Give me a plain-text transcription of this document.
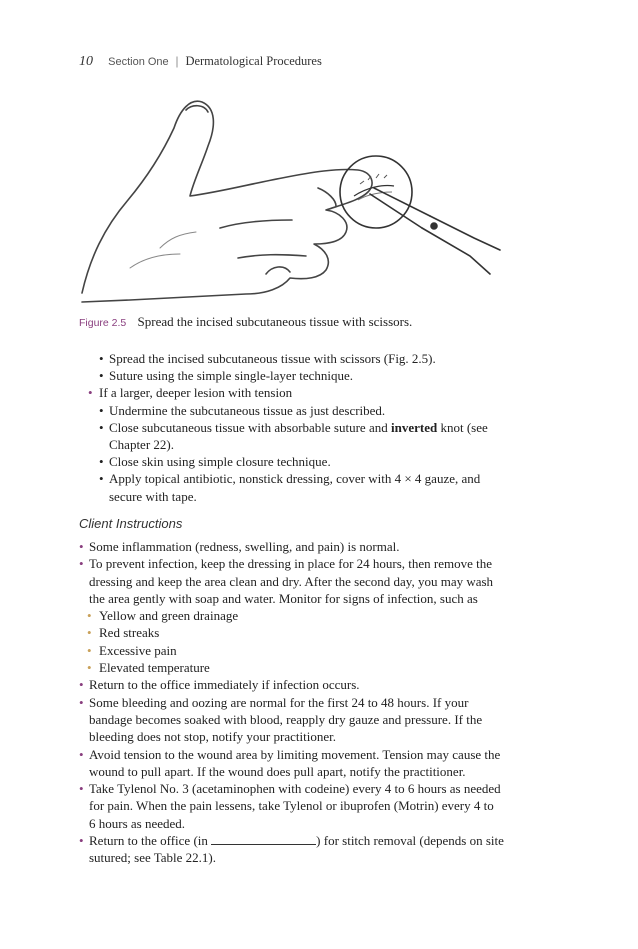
10 Section One | Dermatological Procedures
Figure 2.5 Spread the incised subcutaneous tissue with scissors.
• Spread the incised subcutaneous tissue with scissors (Fig. 2.5).
• Suture using the simple single-layer technique.
• If a larger, deeper lesion with tension
• Undermine the subcutaneous tissue as just described.
• Close subcutaneous tissue with absorbable suture and inverted knot (see
Chapter 22).
• Close skin using simple closure technique.
• Apply topical antibiotic, nonstick dressing, cover with 4 × 4 gauze, and
secure with tape.
Client Instructions
• Some inflammation (redness, swelling, and pain) is normal.
• To prevent infection, keep the dressing in place for 24 hours, then remove the
dressing and keep the area clean and dry. After the second day, you may wash
the area gently with soap and water. Monitor for signs of infection, such as
• Yellow and green drainage
• Red streaks
• Excessive pain
• Elevated temperature
• Return to the office immediately if infection occurs.
• Some bleeding and oozing are normal for the first 24 to 48 hours. If your
bandage becomes soaked with blood, reapply dry gauze and pressure. If the
bleeding does not stop, notify your practitioner.
• Avoid tension to the wound area by limiting movement. Tension may cause the
wound to pull apart. If the wound does pull apart, notify the practitioner.
• Take Tylenol No. 3 (acetaminophen with codeine) every 4 to 6 hours as needed
for pain. When the pain lessens, take Tylenol or ibuprofen (Motrin) every 4 to
6 hours as needed.
• Return to the office (in	) for stitch removal (depends on site
sutured; see Table 22.1).
